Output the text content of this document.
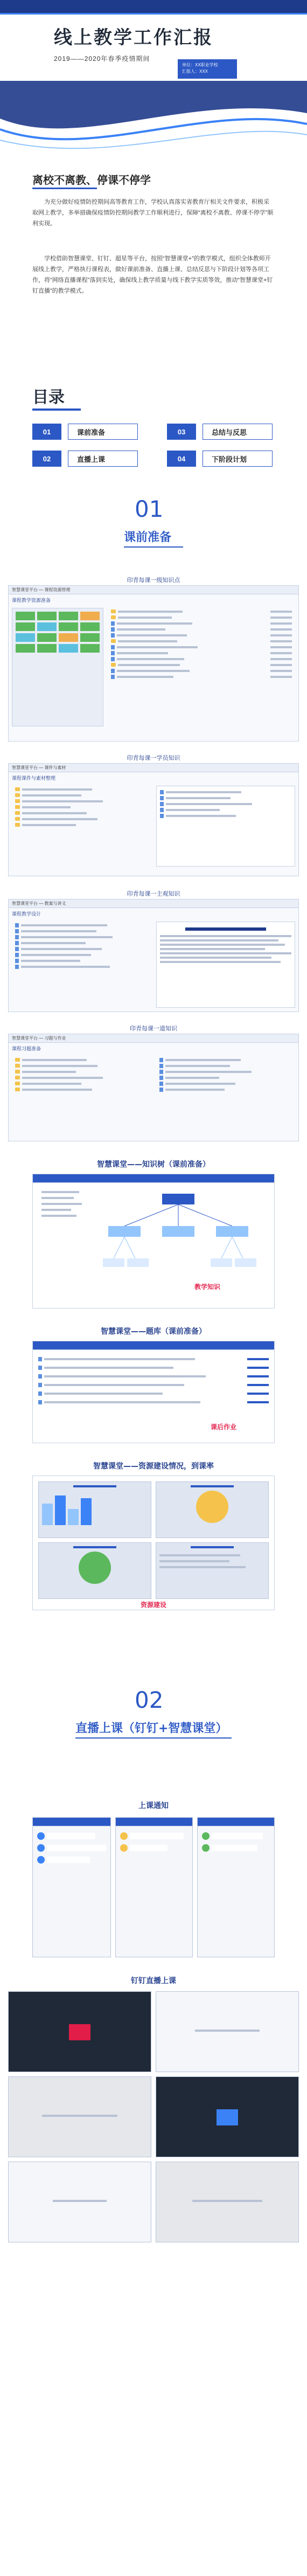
线上教学工作汇报
2019——2020年春季疫情期间
单位：XX职业学校
汇报人：XXX
离校不离教、停课不停学

为充分做好疫情防控期间高等教育工作，学校认真落实省教育厅相关文件要求，积极采取网上教学，多举措确保疫情防控期间教学工作顺利进行，保障“离校不离教、停课不停学”顺利实现。

学校借助智慧课堂、钉钉、超星等平台，按照“智慧课堂+”的教学模式，组织全体教师开展线上教学，严格执行课程表，做好课前准备、直播上课、总结反思与下阶段计划等各项工作，将“网络直播课程”落到实处，确保线上教学质量与线下教学实质等效，推动“智慧课堂+钉钉直播”的教学模式。

目录
01	课前准备	03	总结与反思
02	直播上课	04	下阶段计划
01
课前准备
印青每课一级知识点
智慧课堂平台 — 课程资源管理
课程教学资源准备
印青每课一学员知识
智慧课堂平台 — 课件与素材
课程课件与素材整理
印青每课一主观知识
智慧课堂平台 — 教案与讲义
课程教学设计
印青每课一道知识
智慧课堂平台 — 习题与作业
课程习题准备
智慧课堂——知识树（课前准备）
教学知识
智慧课堂——题库（课前准备）
课后作业
智慧课堂——资源建设情况，到课率
资源建设
02
直播上课（钉钉+智慧课堂）
上课通知
钉钉直播上课
